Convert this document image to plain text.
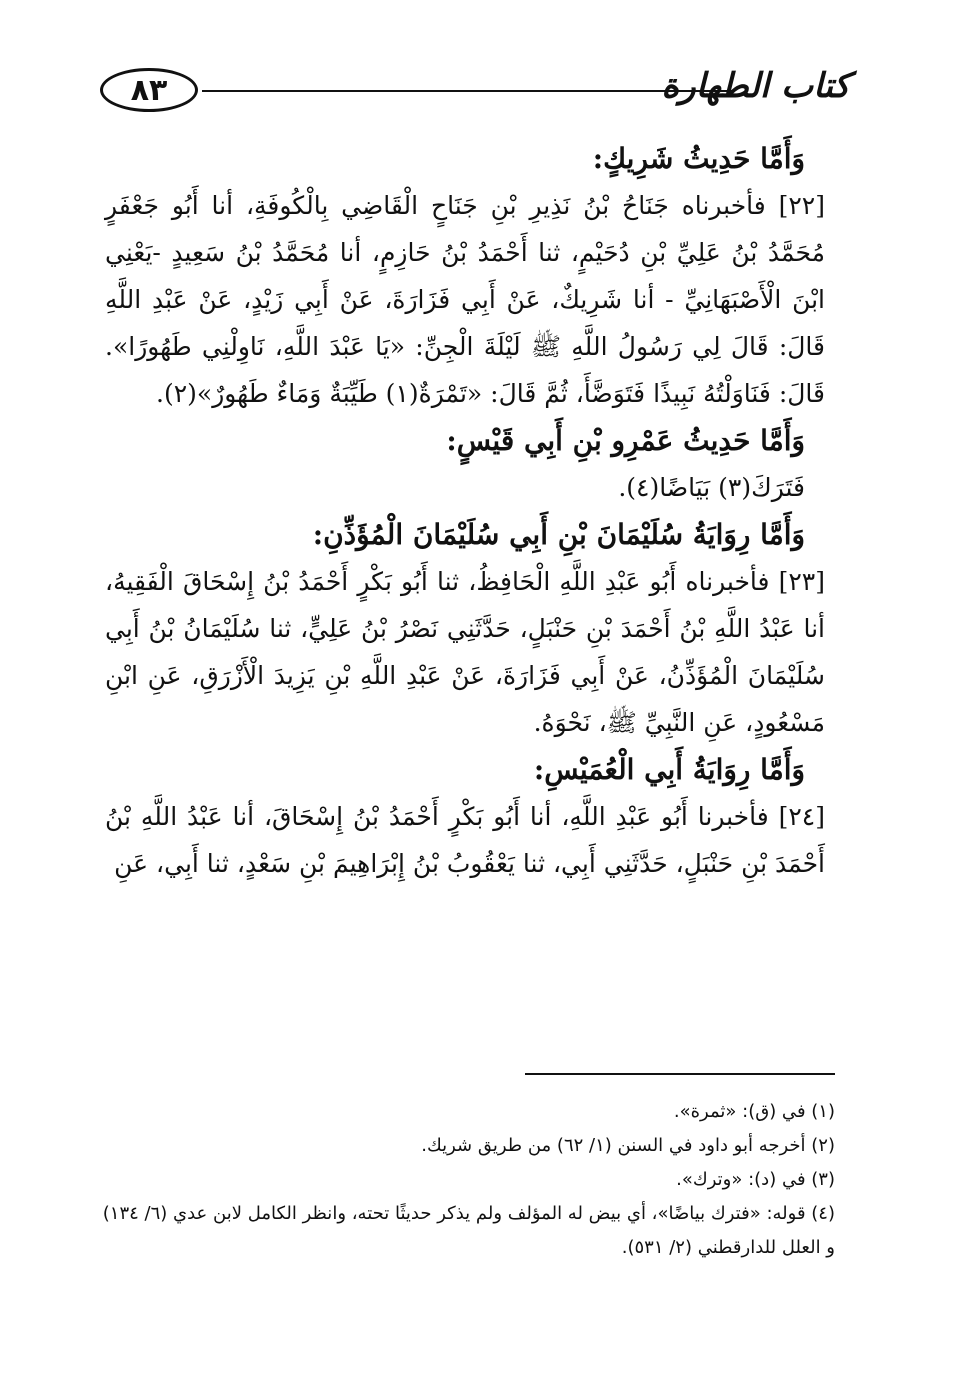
٨٣	كتاب الطهارة

وَأَمَّا حَدِيثُ شَرِيكٍ:

[٢٢] فأخبرناه جَنَاحُ بْنُ نَذِيرِ بْنِ جَنَاحٍ الْقَاضِي بِالْكُوفَةِ، أنا أَبُو جَعْفَرٍ مُحَمَّدُ بْنُ عَلِيِّ بْنِ دُحَيْمٍ، ثنا أَحْمَدُ بْنُ حَازِمٍ، أنا مُحَمَّدُ بْنُ سَعِيدٍ -يَعْنِي ابْنَ الْأَصْبَهَانِيِّ - أنا شَرِيكٌ، عَنْ أَبِي فَزَارَةَ، عَنْ أَبِي زَيْدٍ، عَنْ عَبْدِ اللَّهِ قَالَ: قَالَ لِي رَسُولُ اللَّهِ ﷺ لَيْلَةَ الْجِنِّ: «يَا عَبْدَ اللَّهِ، نَاوِلْنِي طَهُورًا». قَالَ: فَنَاوَلْتُهُ نَبِيذًا فَتَوَضَّأَ، ثُمَّ قَالَ: «تَمْرَةٌ(١) طَيِّبَةٌ وَمَاءٌ طَهُورٌ»(٢).

وَأَمَّا حَدِيثُ عَمْرِو بْنِ أَبِي قَيْسٍ:

فَتَرَكَ(٣) بَيَاضًا(٤).

وَأَمَّا رِوَايَةُ سُلَيْمَانَ بْنِ أَبِي سُلَيْمَانَ الْمُؤَذِّنِ:

[٢٣] فأخبرناه أَبُو عَبْدِ اللَّهِ الْحَافِظُ، ثنا أَبُو بَكْرٍ أَحْمَدُ بْنُ إِسْحَاقَ الْفَقِيهُ، أنا عَبْدُ اللَّهِ بْنُ أَحْمَدَ بْنِ حَنْبَلٍ، حَدَّثَنِي نَصْرُ بْنُ عَلِيٍّ، ثنا سُلَيْمَانُ بْنُ أَبِي سُلَيْمَانَ الْمُؤَذِّنُ، عَنْ أَبِي فَزَارَةَ، عَنْ عَبْدِ اللَّهِ بْنِ يَزِيدَ الْأَزْرَقِ، عَنِ ابْنِ مَسْعُودٍ، عَنِ النَّبِيِّ ﷺ، نَحْوَهُ.

وَأَمَّا رِوَايَةُ أَبِي الْعُمَيْسِ:

[٢٤] فأخبرنا أَبُو عَبْدِ اللَّهِ، أنا أَبُو بَكْرٍ أَحْمَدُ بْنُ إِسْحَاقَ، أنا عَبْدُ اللَّهِ بْنُ أَحْمَدَ بْنِ حَنْبَلٍ، حَدَّثَنِي أَبِي، ثنا يَعْقُوبُ بْنُ إِبْرَاهِيمَ بْنِ سَعْدٍ، ثنا أَبِي، عَنِ

(١) في (ق): «ثمرة».

(٢) أخرجه أبو داود في السنن (١/ ٦٢) من طريق شريك.

(٣) في (د): «وترك».

(٤) قوله: «فترك بياضًا»، أي بيض له المؤلف ولم يذكر حديثًا تحته، وانظر الكامل لابن عدي (٦/ ١٣٤) و العلل للدارقطني (٢/ ٥٣١).
